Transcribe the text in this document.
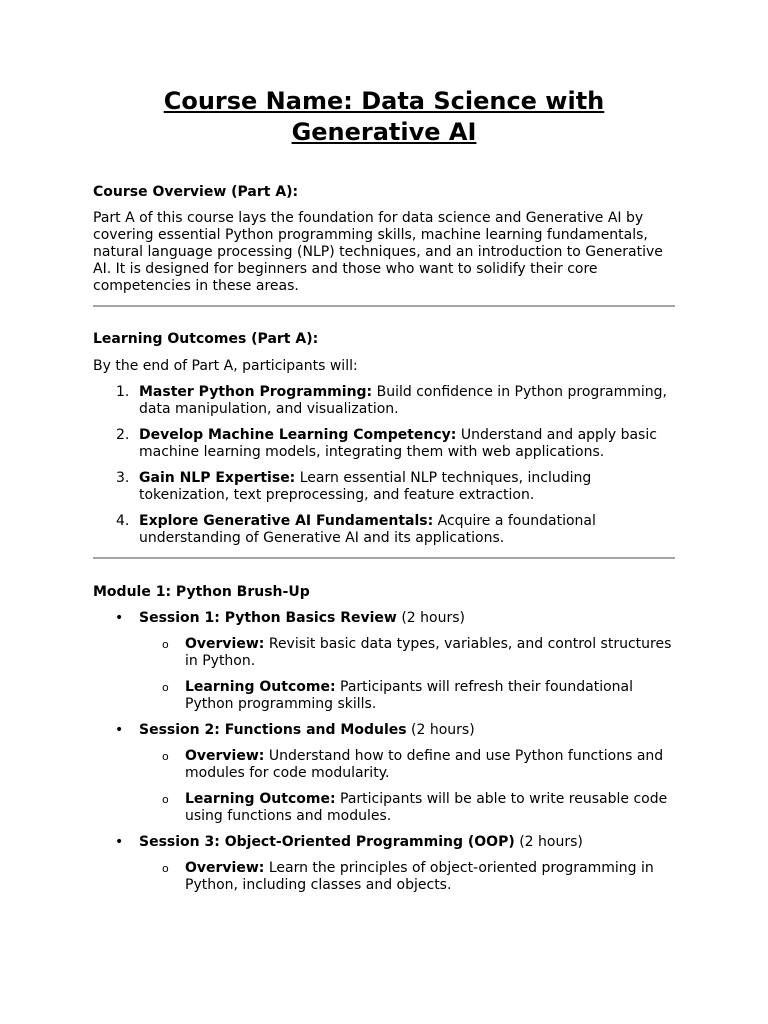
Course Name: Data Science with
Generative AI

Course Overview (Part A):

Part A of this course lays the foundation for data science and Generative AI by covering essential Python programming skills, machine learning fundamentals, natural language processing (NLP) techniques, and an introduction to Generative AI. It is designed for beginners and those who want to solidify their core competencies in these areas.

Learning Outcomes (Part A):

By the end of Part A, participants will:

1. Master Python Programming: Build confidence in Python programming, data manipulation, and visualization.
2. Develop Machine Learning Competency: Understand and apply basic machine learning models, integrating them with web applications.
3. Gain NLP Expertise: Learn essential NLP techniques, including tokenization, text preprocessing, and feature extraction.
4. Explore Generative AI Fundamentals: Acquire a foundational understanding of Generative AI and its applications.

Module 1: Python Brush-Up

• Session 1: Python Basics Review (2 hours)
o Overview: Revisit basic data types, variables, and control structures in Python.
o Learning Outcome: Participants will refresh their foundational Python programming skills.
• Session 2: Functions and Modules (2 hours)
o Overview: Understand how to define and use Python functions and modules for code modularity.
o Learning Outcome: Participants will be able to write reusable code using functions and modules.
• Session 3: Object-Oriented Programming (OOP) (2 hours)
o Overview: Learn the principles of object-oriented programming in Python, including classes and objects.
